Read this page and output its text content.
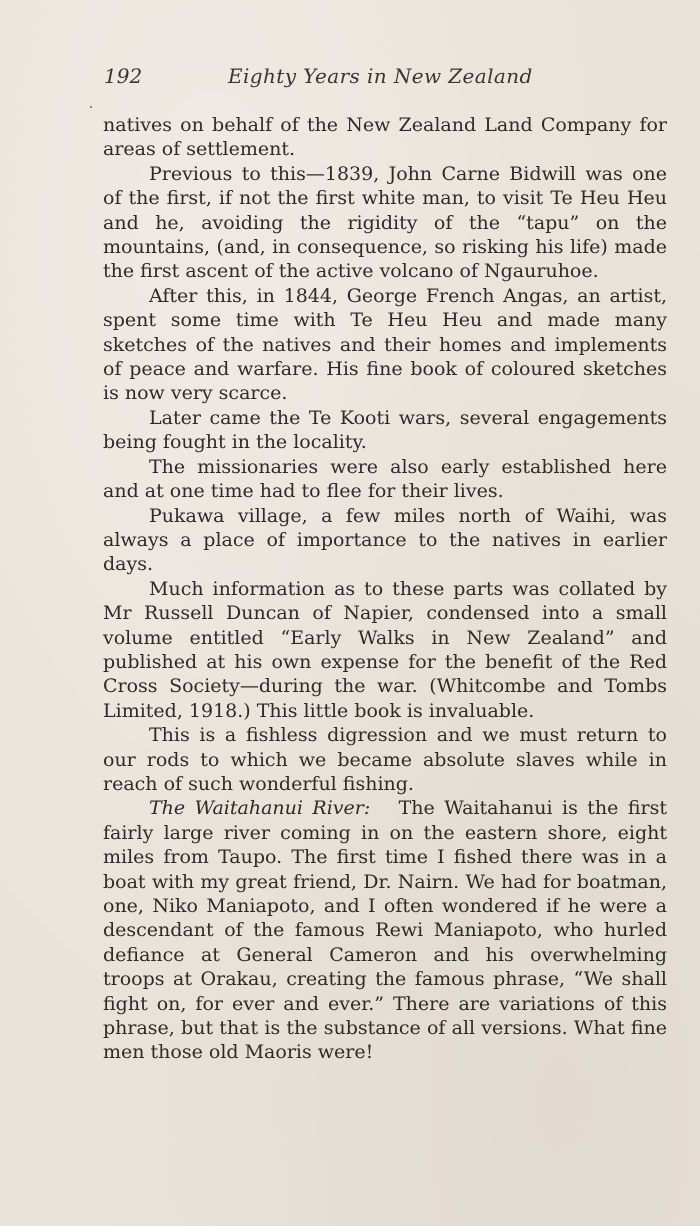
192	Eighty Years in New Zealand

natives on behalf of the New Zealand Land Company for areas of settlement.

Previous to this—1839, John Carne Bidwill was one of the first, if not the first white man, to visit Te Heu Heu and he, avoiding the rigidity of the “tapu” on the mountains, (and, in consequence, so risking his life) made the first ascent of the active volcano of Ngauruhoe.

After this, in 1844, George French Angas, an artist, spent some time with Te Heu Heu and made many sketches of the natives and their homes and implements of peace and warfare. His fine book of coloured sketches is now very scarce.

Later came the Te Kooti wars, several engagements being fought in the locality.

The missionaries were also early established here and at one time had to flee for their lives.

Pukawa village, a few miles north of Waihi, was always a place of importance to the natives in earlier days.

Much information as to these parts was collated by Mr Russell Duncan of Napier, condensed into a small volume entitled “Early Walks in New Zealand” and published at his own expense for the benefit of the Red Cross Society—during the war. (Whitcombe and Tombs Limited, 1918.) This little book is invaluable.

This is a fishless digression and we must return to our rods to which we became absolute slaves while in reach of such wonderful fishing.

The Waitahanui River: The Waitahanui is the first fairly large river coming in on the eastern shore, eight miles from Taupo. The first time I fished there was in a boat with my great friend, Dr. Nairn. We had for boatman, one, Niko Maniapoto, and I often wondered if he were a descendant of the famous Rewi Maniapoto, who hurled defiance at General Cameron and his overwhelming troops at Orakau, creating the famous phrase, “We shall fight on, for ever and ever.” There are variations of this phrase, but that is the substance of all versions. What fine men those old Maoris were!
